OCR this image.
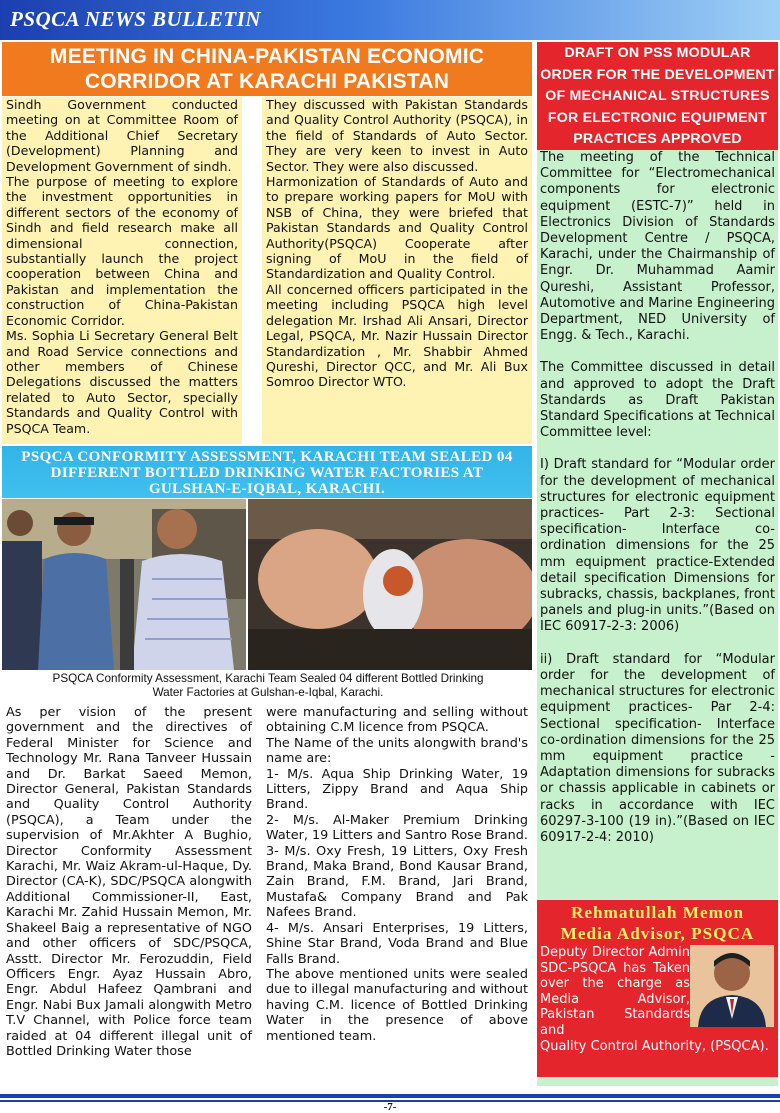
PSQCA NEWS BULLETIN
MEETING IN CHINA-PAKISTAN ECONOMIC
CORRIDOR AT KARACHI PAKISTAN

Sindh Government conducted meeting on at Committee Room of the Additional Chief Secretary (Development) Planning and Development Government of sindh.

The purpose of meeting to explore the investment opportunities in different sectors of the economy of Sindh and field research make all dimensional connection, substantially launch the project cooperation between China and Pakistan and implementation the construction of China-Pakistan Economic Corridor.

Ms. Sophia Li Secretary General Belt and Road Service connections and other members of Chinese Delegations discussed the matters related to Auto Sector, specially Standards and Quality Control with PSQCA Team.

They discussed with Pakistan Standards and Quality Control Authority (PSQCA), in the field of Standards of Auto Sector. They are very keen to invest in Auto Sector. They were also discussed.

Harmonization of Standards of Auto and to prepare working papers for MoU with NSB of China, they were briefed that Pakistan Standards and Quality Control Authority(PSQCA) Cooperate after signing of MoU in the field of Standardization and Quality Control.

All concerned officers participated in the meeting including PSQCA high level delegation Mr. Irshad Ali Ansari, Director Legal, PSQCA, Mr. Nazir Hussain Director Standardization , Mr. Shabbir Ahmed Qureshi, Director QCC, and Mr. Ali Bux Somroo Director WTO.

PSQCA CONFORMITY ASSESSMENT, KARACHI TEAM SEALED 04 DIFFERENT BOTTLED DRINKING WATER FACTORIES AT GULSHAN-E-IQBAL, KARACHI.
PSQCA Conformity Assessment, Karachi Team Sealed 04 different Bottled Drinking
Water Factories at Gulshan-e-Iqbal, Karachi.

As per vision of the present government and the directives of Federal Minister for Science and Technology Mr. Rana Tanveer Hussain and Dr. Barkat Saeed Memon, Director General, Pakistan Standards and Quality Control Authority (PSQCA), a Team under the supervision of Mr.Akhter A Bughio, Director Conformity Assessment Karachi, Mr. Waiz Akram-ul-Haque, Dy. Director (CA-K), SDC/PSQCA alongwith Additional Commissioner-II, East, Karachi Mr. Zahid Hussain Memon, Mr. Shakeel Baig a representative of NGO and other officers of SDC/PSQCA, Asstt. Director Mr. Ferozuddin, Field Officers Engr. Ayaz Hussain Abro, Engr. Abdul Hafeez Qambrani and Engr. Nabi Bux Jamali alongwith Metro T.V Channel, with Police force team raided at 04 different illegal unit of Bottled Drinking Water those

were manufacturing and selling without obtaining C.M licence from PSQCA.

The Name of the units alongwith brand's name are:

1- M/s. Aqua Ship Drinking Water, 19 Litters, Zippy Brand and Aqua Ship Brand.

2- M/s. Al-Maker Premium Drinking Water, 19 Litters and Santro Rose Brand.

3- M/s. Oxy Fresh, 19 Litters, Oxy Fresh Brand, Maka Brand, Bond Kausar Brand, Zain Brand, F.M. Brand, Jari Brand, Mustafa& Company Brand and Pak Nafees Brand.

4- M/s. Ansari Enterprises, 19 Litters, Shine Star Brand, Voda Brand and Blue Falls Brand.

The above mentioned units were sealed due to illegal manufacturing and without having C.M. licence of Bottled Drinking Water in the presence of above mentioned team.

DRAFT ON PSS MODULAR ORDER FOR THE DEVELOPMENT OF MECHANICAL STRUCTURES FOR ELECTRONIC EQUIPMENT PRACTICES APPROVED

The meeting of the Technical Committee for “Electromechanical components for electronic equipment (ESTC-7)” held in Electronics Division of Standards Development Centre / PSQCA, Karachi, under the Chairmanship of Engr. Dr. Muhammad Aamir Qureshi, Assistant Professor, Automotive and Marine Engineering Department, NED University of Engg. & Tech., Karachi.

The Committee discussed in detail and approved to adopt the Draft Standards as Draft Pakistan Standard Specifications at Technical Committee level:

I) Draft standard for “Modular order for the development of mechanical structures for electronic equipment practices- Part 2-3: Sectional specification- Interface co-ordination dimensions for the 25 mm equipment practice-Extended detail specification Dimensions for subracks, chassis, backplanes, front panels and plug-in units.”(Based on IEC 60917-2-3: 2006)

ii) Draft standard for “Modular order for the development of mechanical structures for electronic equipment practices- Par 2-4: Sectional specification- Interface co-ordination dimensions for the 25 mm equipment practice - Adaptation dimensions for subracks or chassis applicable in cabinets or racks in accordance with IEC 60297-3-100 (19 in).”(Based on IEC 60917-2-4: 2010)

Rehmatullah Memon
Media Advisor, PSQCA
Deputy Director Admin SDC-PSQCA has Taken over the charge as Media Advisor, Pakistan Standards and
Quality Control Authority, (PSQCA).
-7-
